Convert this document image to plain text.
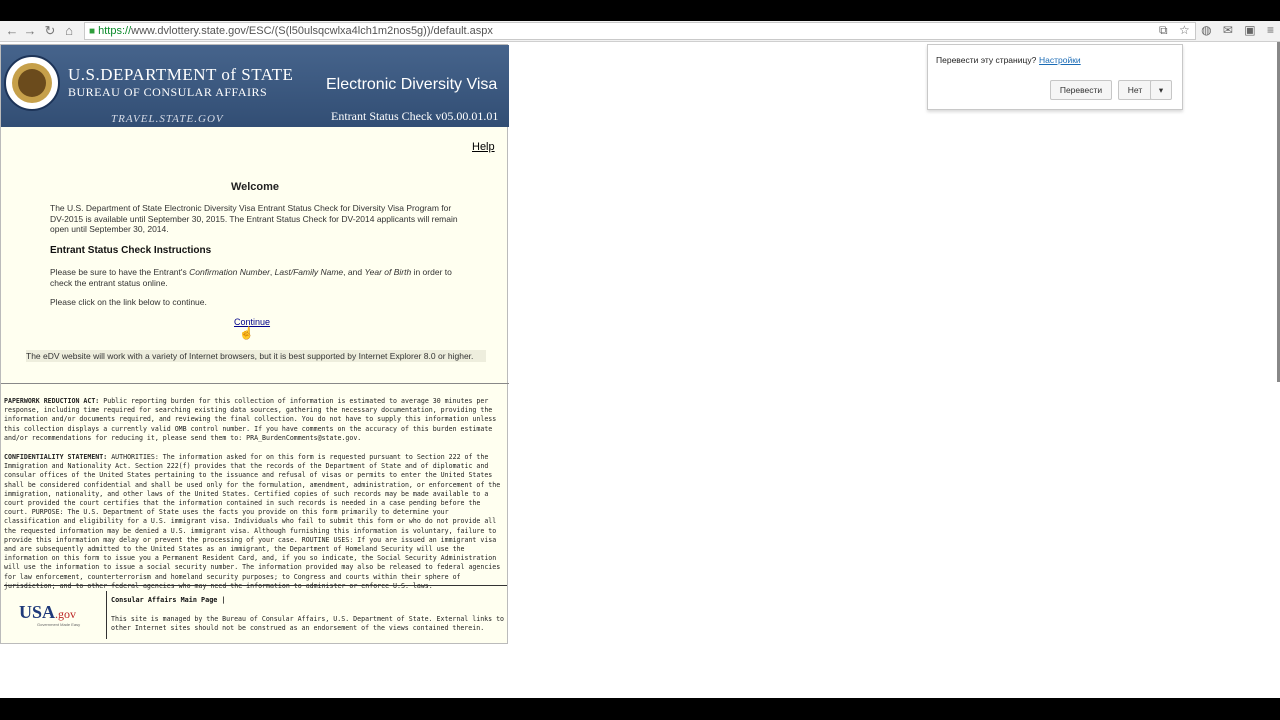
← → ↻ ⌂	■ https://www.dvlottery.state.gov/ESC/(S(l50ulsqcwlxa4lch1m2nos5g))/default.aspx	⧉ ☆ ◍ ✉ ▣ ≡
U.S.DEPARTMENT of STATE
BUREAU OF CONSULAR AFFAIRS
TRAVEL.STATE.GOV
Electronic Diversity Visa
Entrant Status Check v05.00.01.01
Help
Welcome
The U.S. Department of State Electronic Diversity Visa Entrant Status Check for Diversity Visa Program for DV-2015 is available until September 30, 2015. The Entrant Status Check for DV-2014 applicants will remain open until September 30, 2014.
Entrant Status Check Instructions
Please be sure to have the Entrant's Confirmation Number, Last/Family Name, and Year of Birth in order to check the entrant status online.
Please click on the link below to continue.
Continue
☝
The eDV website will work with a variety of Internet browsers, but it is best supported by Internet Explorer 8.0 or higher.
PAPERWORK REDUCTION ACT: Public reporting burden for this collection of information is estimated to average 30 minutes per response, including time required for searching existing data sources, gathering the necessary documentation, providing the information and/or documents required, and reviewing the final collection. You do not have to supply this information unless this collection displays a currently valid OMB control number. If you have comments on the accuracy of this burden estimate and/or recommendations for reducing it, please send them to: PRA_BurdenComments@state.gov.
CONFIDENTIALITY STATEMENT: AUTHORITIES: The information asked for on this form is requested pursuant to Section 222 of the Immigration and Nationality Act. Section 222(f) provides that the records of the Department of State and of diplomatic and consular offices of the United States pertaining to the issuance and refusal of visas or permits to enter the United States shall be considered confidential and shall be used only for the formulation, amendment, administration, or enforcement of the immigration, nationality, and other laws of the United States. Certified copies of such records may be made available to a court provided the court certifies that the information contained in such records is needed in a case pending before the court. PURPOSE: The U.S. Department of State uses the facts you provide on this form primarily to determine your classification and eligibility for a U.S. immigrant visa. Individuals who fail to submit this form or who do not provide all the requested information may be denied a U.S. immigrant visa. Although furnishing this information is voluntary, failure to provide this information may delay or prevent the processing of your case. ROUTINE USES: If you are issued an immigrant visa and are subsequently admitted to the United States as an immigrant, the Department of Homeland Security will use the information on this form to issue you a Permanent Resident Card, and, if you so indicate, the Social Security Administration will use the information to issue a social security number. The information provided may also be released to federal agencies for law enforcement, counterterrorism and homeland security purposes; to Congress and courts within their sphere of
USA.gov
Government Made Easy
Consular Affairs Main Page |
This site is managed by the Bureau of Consular Affairs, U.S. Department of State. External links to other Internet sites should not be construed as an endorsement of the views contained therein.
Перевести эту страницу? Настройки
Перевести	Нет	▾
